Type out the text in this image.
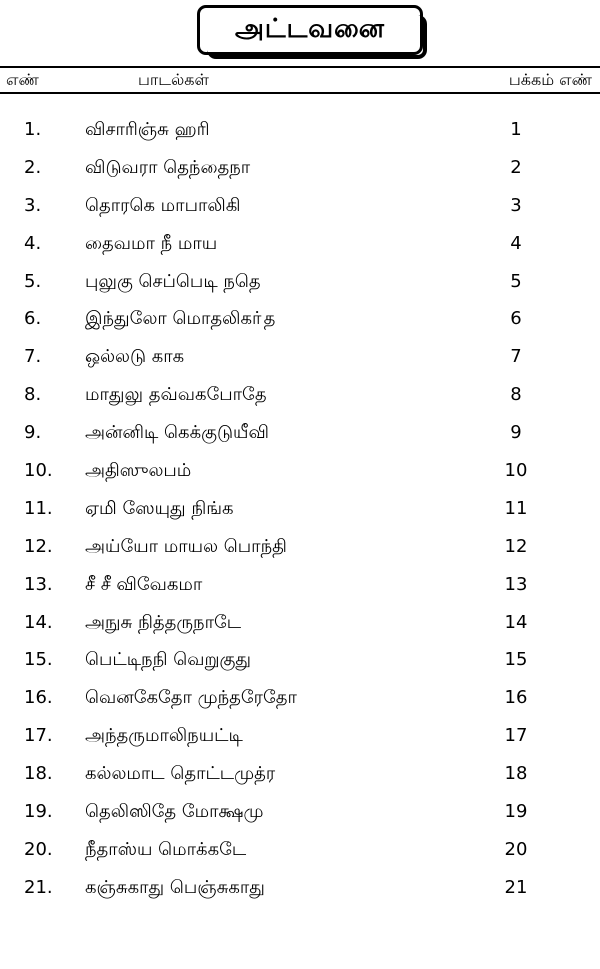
அட்டவனை
எண்	பாடல்கள்	பக்கம் எண்
1. விசாரிஞ்சு ஹரி	1
2. விடுவரா தெந்தைநா	2
3. தொரகெ மாபாலிகி	3
4. தைவமா நீ மாய	4
5. புலுகு செப்பெடி நதெ	5
6. இந்துலோ மொதலிகா்த	6
7. ஒல்லடு காக	7
8. மாதுலு தவ்வகபோதே	8
9. அன்னிடி கெக்குடுயீவி	9
10. அதிஸுலபம்	10
11. ஏமி ஸேயுது நிங்க	11
12. அய்யோ மாயல பொந்தி	12
13. சீ சீ விவேகமா	13
14. அநுசு நித்தருநாடே	14
15. பெட்டிநநி வெறுகுது	15
16. வெனகேதோ முந்தரேதோ	16
17. அந்தருமாலிநயட்டி	17
18. கல்லமாட தொட்டமுத்ர	18
19. தெலிஸிதே மோக்ஷமு	19
20. நீதாஸ்ய மொக்கடே	20
21. கஞ்சுகாது பெஞ்சுகாது	21
